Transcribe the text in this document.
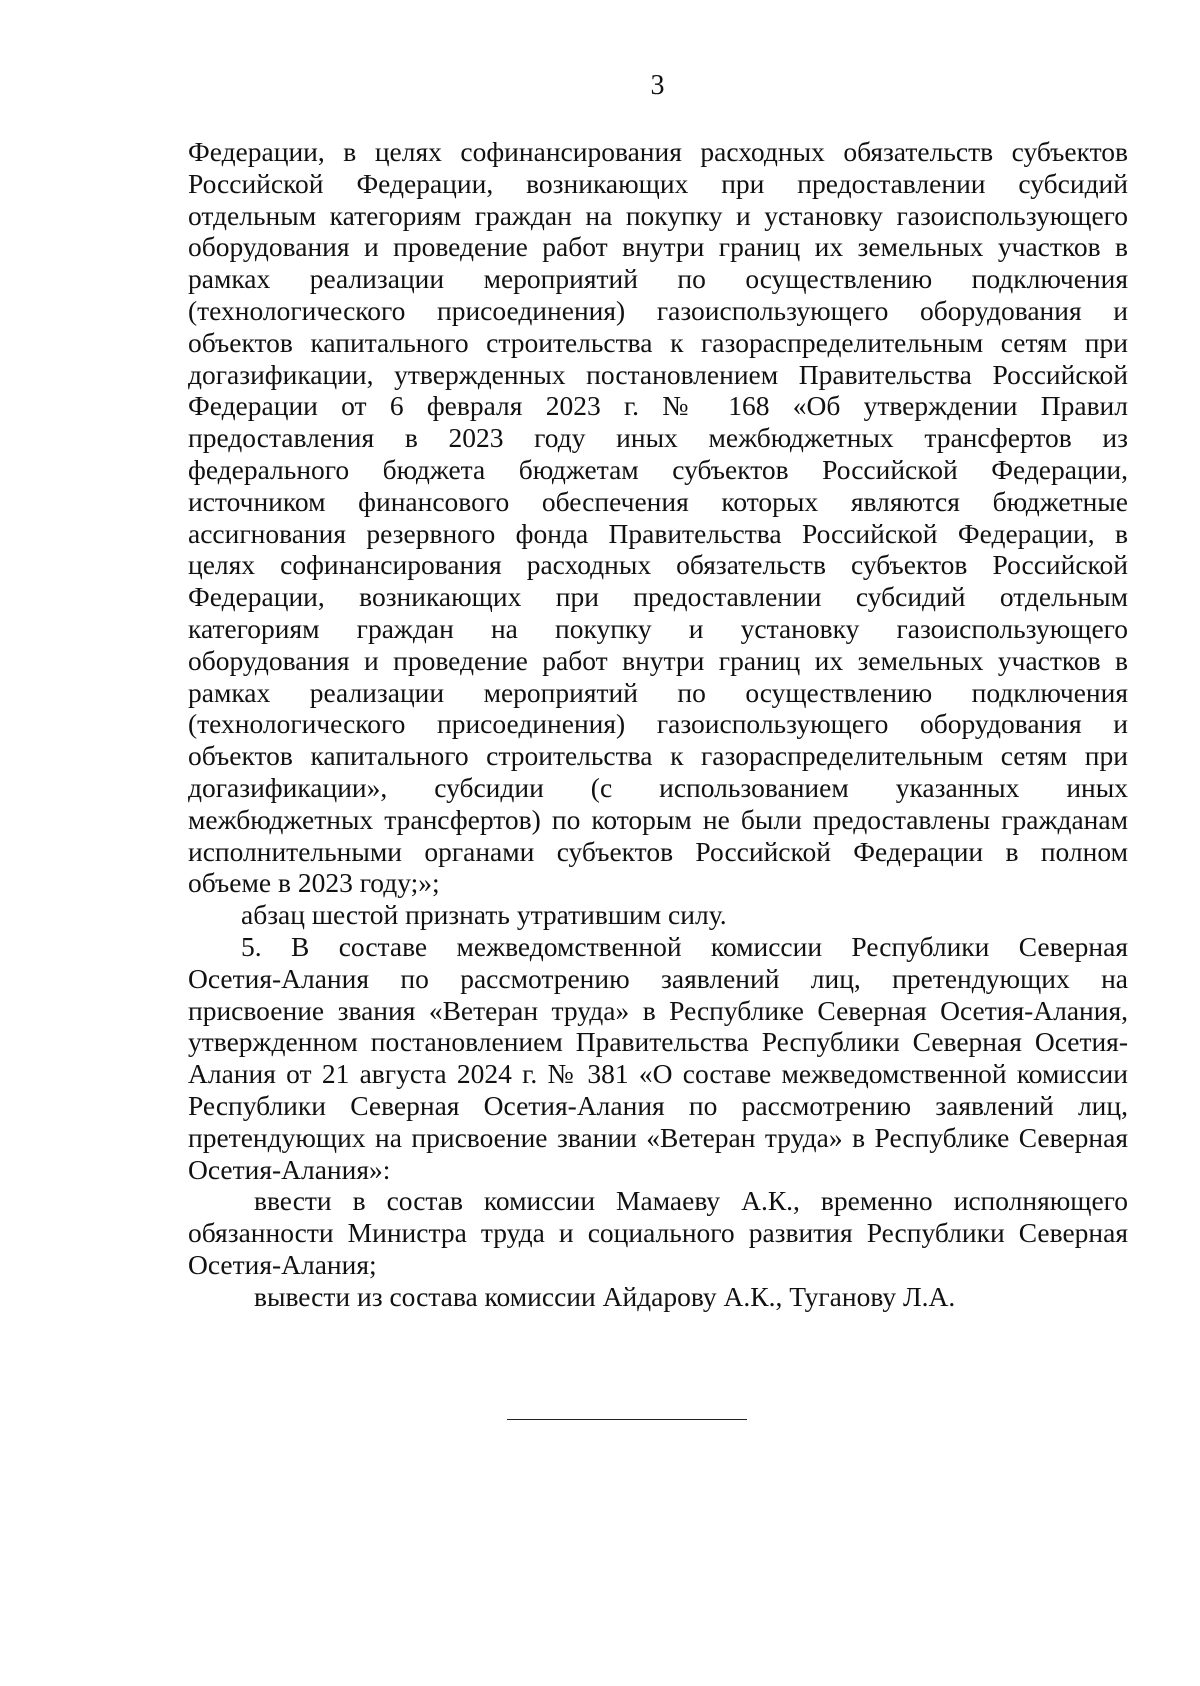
3
Федерации, в целях софинансирования расходных обязательств субъектов
Российской Федерации, возникающих при предоставлении субсидий
отдельным категориям граждан на покупку и установку газоиспользующего
оборудования и проведение работ внутри границ их земельных участков в
рамках реализации мероприятий по осуществлению подключения
(технологического присоединения) газоиспользующего оборудования и
объектов капитального строительства к газораспределительным сетям при
догазификации, утвержденных постановлением Правительства Российской
Федерации от 6 февраля 2023 г. № 168 «Об утверждении Правил
предоставления в 2023 году иных межбюджетных трансфертов из
федерального бюджета бюджетам субъектов Российской Федерации,
источником финансового обеспечения которых являются бюджетные
ассигнования резервного фонда Правительства Российской Федерации, в
целях софинансирования расходных обязательств субъектов Российской
Федерации, возникающих при предоставлении субсидий отдельным
категориям граждан на покупку и установку газоиспользующего
оборудования и проведение работ внутри границ их земельных участков в
рамках реализации мероприятий по осуществлению подключения
(технологического присоединения) газоиспользующего оборудования и
объектов капитального строительства к газораспределительным сетям при
догазификации», субсидии (с использованием указанных иных
межбюджетных трансфертов) по которым не были предоставлены гражданам
исполнительными органами субъектов Российской Федерации в полном
объеме в 2023 году;»;
абзац шестой признать утратившим силу.
5. В составе межведомственной комиссии Республики Северная
Осетия-Алания по рассмотрению заявлений лиц, претендующих на
присвоение звания «Ветеран труда» в Республике Северная Осетия-Алания,
утвержденном постановлением Правительства Республики Северная Осетия-
Алания от 21 августа 2024 г. № 381 «О составе межведомственной комиссии
Республики Северная Осетия-Алания по рассмотрению заявлений лиц,
претендующих на присвоение звании «Ветеран труда» в Республике Северная
Осетия-Алания»:
ввести в состав комиссии Мамаеву А.К., временно исполняющего
обязанности Министра труда и социального развития Республики Северная
Осетия-Алания;
вывести из состава комиссии Айдарову А.К., Туганову Л.А.
